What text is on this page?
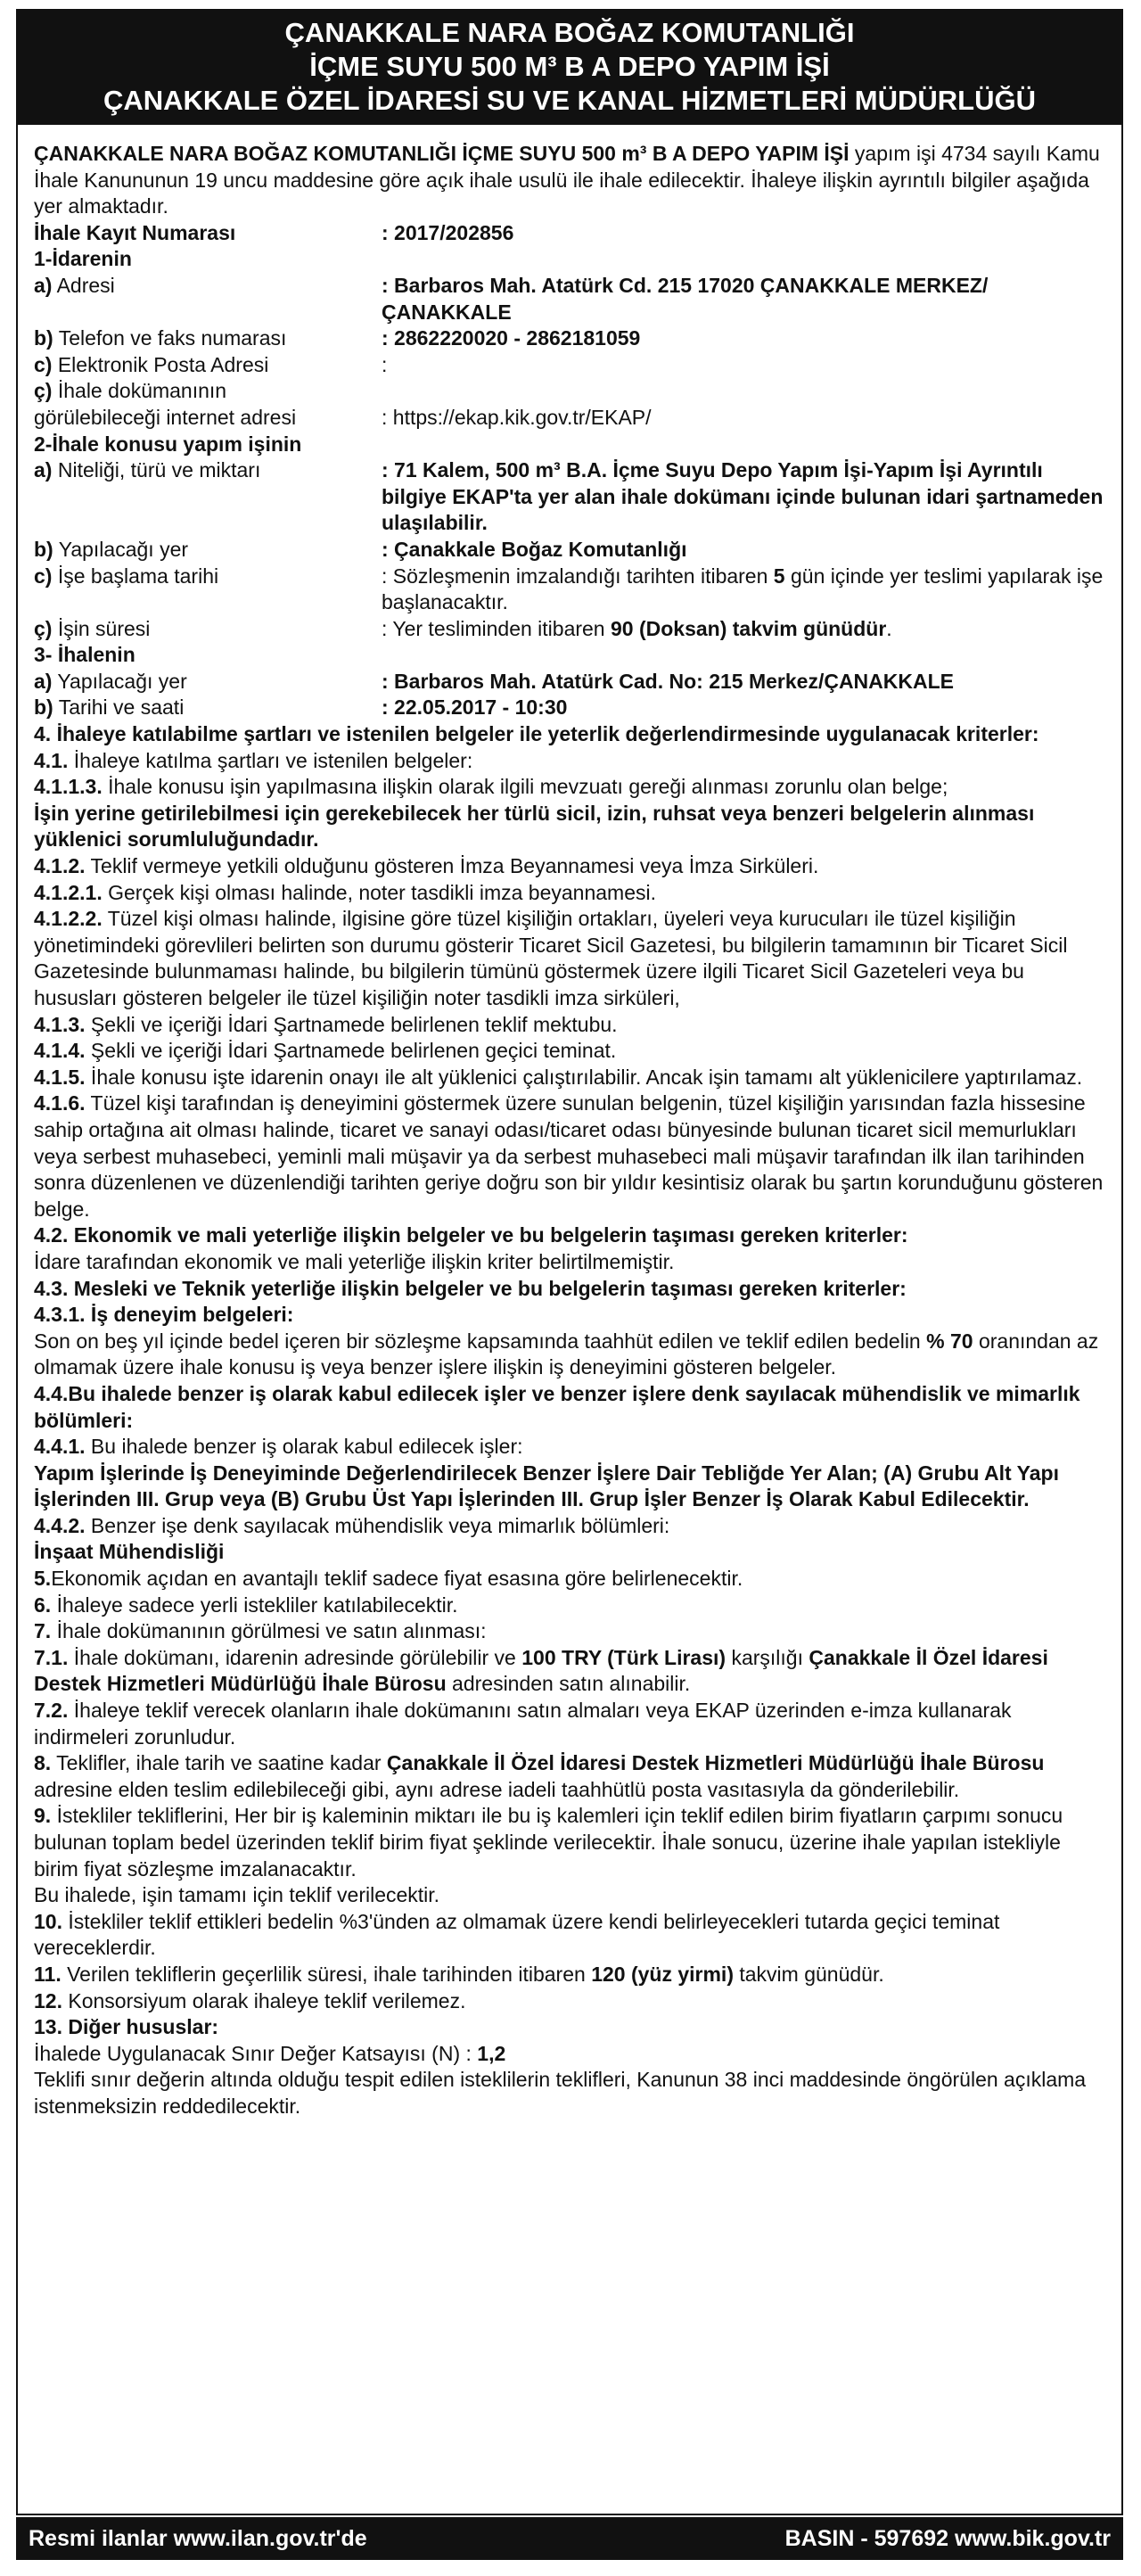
ÇANAKKALE NARA BOĞAZ KOMUTANLIĞI
İÇME SUYU 500 M³ B A DEPO YAPIM İŞİ
ÇANAKKALE ÖZEL İDARESİ SU VE KANAL HİZMETLERİ MÜDÜRLÜĞÜ

ÇANAKKALE NARA BOĞAZ KOMUTANLIĞI İÇME SUYU 500 m³ B A DEPO YAPIM İŞİ yapım işi 4734 sayılı Kamu İhale Kanununun 19 uncu maddesine göre açık ihale usulü ile ihale edilecektir. İhaleye ilişkin ayrıntılı bilgiler aşağıda yer almaktadır.

İhale Kayıt Numarası	: 2017/202856
1-İdarenin
a) Adresi	: Barbaros Mah. Atatürk Cd. 215 17020 ÇANAKKALE MERKEZ/ÇANAKKALE
b) Telefon ve faks numarası	: 2862220020 - 2862181059
c) Elektronik Posta Adresi	:
ç) İhale dokümanının
görülebileceği internet adresi	: https://ekap.kik.gov.tr/EKAP/
2-İhale konusu yapım işinin
a) Niteliği, türü ve miktarı	: 71 Kalem, 500 m³ B.A. İçme Suyu Depo Yapım İşi-Yapım İşi Ayrıntılı bilgiye EKAP'ta yer alan ihale dokümanı içinde bulunan idari şartnameden ulaşılabilir.
b) Yapılacağı yer	: Çanakkale Boğaz Komutanlığı
c) İşe başlama tarihi	: Sözleşmenin imzalandığı tarihten itibaren 5 gün içinde yer teslimi yapılarak işe başlanacaktır.
ç) İşin süresi	: Yer tesliminden itibaren 90 (Doksan) takvim günüdür.
3- İhalenin
a) Yapılacağı yer	: Barbaros Mah. Atatürk Cad. No: 215 Merkez/ÇANAKKALE
b) Tarihi ve saati	: 22.05.2017 - 10:30

4. İhaleye katılabilme şartları ve istenilen belgeler ile yeterlik değerlendirmesinde uygulanacak kriterler:

4.1. İhaleye katılma şartları ve istenilen belgeler:

4.1.1.3. İhale konusu işin yapılmasına ilişkin olarak ilgili mevzuatı gereği alınması zorunlu olan belge;

İşin yerine getirilebilmesi için gerekebilecek her türlü sicil, izin, ruhsat veya benzeri belgelerin alınması yüklenici sorumluluğundadır.

4.1.2. Teklif vermeye yetkili olduğunu gösteren İmza Beyannamesi veya İmza Sirküleri.

4.1.2.1. Gerçek kişi olması halinde, noter tasdikli imza beyannamesi.

4.1.2.2. Tüzel kişi olması halinde, ilgisine göre tüzel kişiliğin ortakları, üyeleri veya kurucuları ile tüzel kişiliğin yönetimindeki görevlileri belirten son durumu gösterir Ticaret Sicil Gazetesi, bu bilgilerin tamamının bir Ticaret Sicil Gazetesinde bulunmaması halinde, bu bilgilerin tümünü göstermek üzere ilgili Ticaret Sicil Gazeteleri veya bu hususları gösteren belgeler ile tüzel kişiliğin noter tasdikli imza sirküleri,

4.1.3. Şekli ve içeriği İdari Şartnamede belirlenen teklif mektubu.

4.1.4. Şekli ve içeriği İdari Şartnamede belirlenen geçici teminat.

4.1.5. İhale konusu işte idarenin onayı ile alt yüklenici çalıştırılabilir. Ancak işin tamamı alt yüklenicilere yaptırılamaz.

4.1.6. Tüzel kişi tarafından iş deneyimini göstermek üzere sunulan belgenin, tüzel kişiliğin yarısından fazla hissesine sahip ortağına ait olması halinde, ticaret ve sanayi odası/ticaret odası bünyesinde bulunan ticaret sicil memurlukları veya serbest muhasebeci, yeminli mali müşavir ya da serbest muhasebeci mali müşavir tarafından ilk ilan tarihinden sonra düzenlenen ve düzenlendiği tarihten geriye doğru son bir yıldır kesintisiz olarak bu şartın korunduğunu gösteren belge.

4.2. Ekonomik ve mali yeterliğe ilişkin belgeler ve bu belgelerin taşıması gereken kriterler:

İdare tarafından ekonomik ve mali yeterliğe ilişkin kriter belirtilmemiştir.

4.3. Mesleki ve Teknik yeterliğe ilişkin belgeler ve bu belgelerin taşıması gereken kriterler:

4.3.1. İş deneyim belgeleri:

Son on beş yıl içinde bedel içeren bir sözleşme kapsamında taahhüt edilen ve teklif edilen bedelin % 70 oranından az olmamak üzere ihale konusu iş veya benzer işlere ilişkin iş deneyimini gösteren belgeler.

4.4.Bu ihalede benzer iş olarak kabul edilecek işler ve benzer işlere denk sayılacak mühendislik ve mimarlık bölümleri:

4.4.1. Bu ihalede benzer iş olarak kabul edilecek işler:

Yapım İşlerinde İş Deneyiminde Değerlendirilecek Benzer İşlere Dair Tebliğde Yer Alan; (A) Grubu Alt Yapı İşlerinden III. Grup veya (B) Grubu Üst Yapı İşlerinden III. Grup İşler Benzer İş Olarak Kabul Edilecektir.

4.4.2. Benzer işe denk sayılacak mühendislik veya mimarlık bölümleri:

İnşaat Mühendisliği

5.Ekonomik açıdan en avantajlı teklif sadece fiyat esasına göre belirlenecektir.

6. İhaleye sadece yerli istekliler katılabilecektir.

7. İhale dokümanının görülmesi ve satın alınması:

7.1. İhale dokümanı, idarenin adresinde görülebilir ve 100 TRY (Türk Lirası) karşılığı Çanakkale İl Özel İdaresi Destek Hizmetleri Müdürlüğü İhale Bürosu adresinden satın alınabilir.

7.2. İhaleye teklif verecek olanların ihale dokümanını satın almaları veya EKAP üzerinden e-imza kullanarak indirmeleri zorunludur.

8. Teklifler, ihale tarih ve saatine kadar Çanakkale İl Özel İdaresi Destek Hizmetleri Müdürlüğü İhale Bürosu adresine elden teslim edilebileceği gibi, aynı adrese iadeli taahhütlü posta vasıtasıyla da gönderilebilir.

9. İstekliler tekliflerini, Her bir iş kaleminin miktarı ile bu iş kalemleri için teklif edilen birim fiyatların çarpımı sonucu bulunan toplam bedel üzerinden teklif birim fiyat şeklinde verilecektir. İhale sonucu, üzerine ihale yapılan istekliyle birim fiyat sözleşme imzalanacaktır.

Bu ihalede, işin tamamı için teklif verilecektir.

10. İstekliler teklif ettikleri bedelin %3'ünden az olmamak üzere kendi belirleyecekleri tutarda geçici teminat vereceklerdir.

11. Verilen tekliflerin geçerlilik süresi, ihale tarihinden itibaren 120 (yüz yirmi) takvim günüdür.

12. Konsorsiyum olarak ihaleye teklif verilemez.

13. Diğer hususlar:

İhalede Uygulanacak Sınır Değer Katsayısı (N) : 1,2

Teklifi sınır değerin altında olduğu tespit edilen isteklilerin teklifleri, Kanunun 38 inci maddesinde öngörülen açıklama istenmeksizin reddedilecektir.

Resmi ilanlar www.ilan.gov.tr'de	BASIN - 597692 www.bik.gov.tr
